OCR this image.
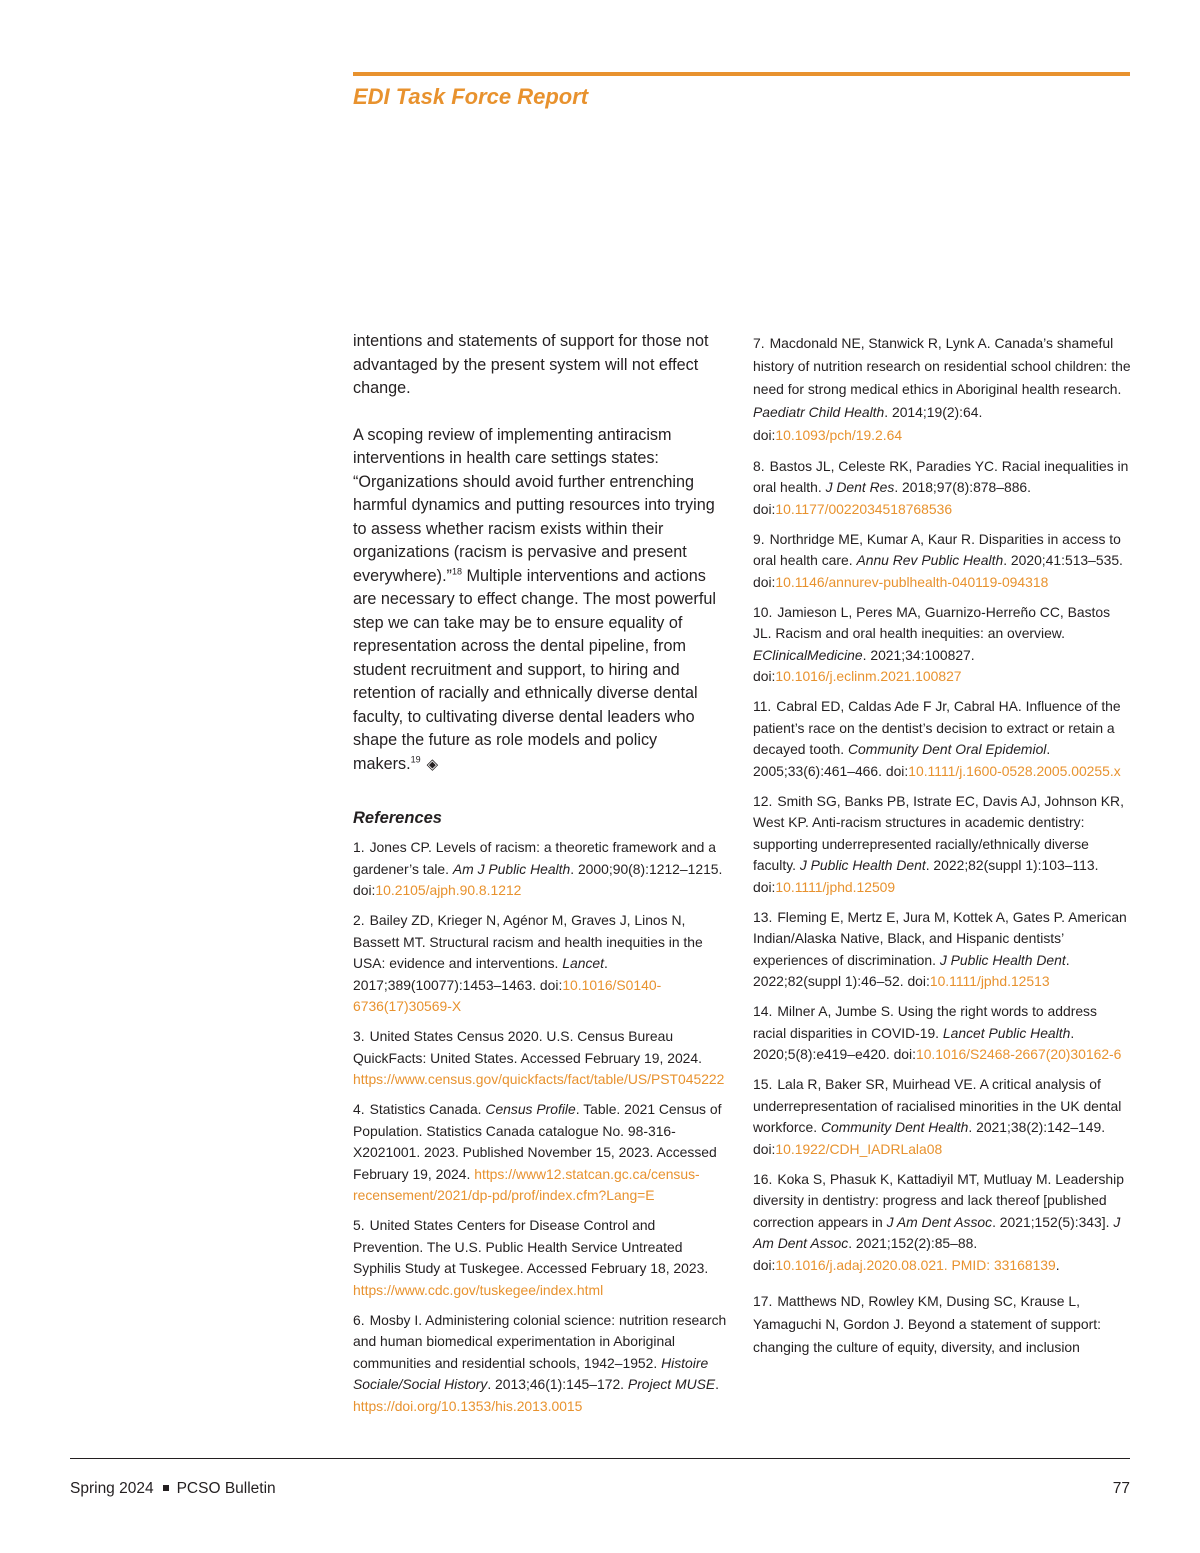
EDI Task Force Report

intentions and statements of support for those not advantaged by the present system will not effect change.

A scoping review of implementing antiracism interventions in health care settings states: “Organizations should avoid further entrenching harmful dynamics and putting resources into trying to assess whether racism exists within their organizations (racism is pervasive and present everywhere).”$^{18}$ Multiple interventions and actions are necessary to effect change. The most powerful step we can take may be to ensure equality of representation across the dental pipeline, from student recruitment and support, to hiring and retention of racially and ethnically diverse dental faculty, to cultivating diverse dental leaders who shape the future as role models and policy makers.$^{19}$ ◈

References

1. Jones CP. Levels of racism: a theoretic framework and a gardener’s tale. Am J Public Health. 2000;90(8):1212–1215. doi:10.2105/ajph.90.8.1212

2. Bailey ZD, Krieger N, Agénor M, Graves J, Linos N, Bassett MT. Structural racism and health inequities in the USA: evidence and interventions. Lancet. 2017;389(10077):1453–1463. doi:10.1016/S0140-6736(17)30569-X

3. United States Census 2020. U.S. Census Bureau QuickFacts: United States. Accessed February 19, 2024. https://www.census.gov/quickfacts/fact/table/US/PST045222

4. Statistics Canada. Census Profile. Table. 2021 Census of Population. Statistics Canada catalogue No. 98-316-X2021001. 2023. Published November 15, 2023. Accessed February 19, 2024. https://www12.statcan.gc.ca/census-recensement/2021/dp-pd/prof/index.cfm?Lang=E

5. United States Centers for Disease Control and Prevention. The U.S. Public Health Service Untreated Syphilis Study at Tuskegee. Accessed February 18, 2023. https://www.cdc.gov/tuskegee/index.html

6. Mosby I. Administering colonial science: nutrition research and human biomedical experimentation in Aboriginal communities and residential schools, 1942–1952. Histoire Sociale/Social History. 2013;46(1):145–172. Project MUSE. https://doi.org/10.1353/his.2013.0015

7. Macdonald NE, Stanwick R, Lynk A. Canada’s shameful history of nutrition research on residential school children: the need for strong medical ethics in Aboriginal health research. Paediatr Child Health. 2014;19(2):64. doi:10.1093/pch/19.2.64

8. Bastos JL, Celeste RK, Paradies YC. Racial inequalities in oral health. J Dent Res. 2018;97(8):878–886. doi:10.1177/0022034518768536

9. Northridge ME, Kumar A, Kaur R. Disparities in access to oral health care. Annu Rev Public Health. 2020;41:513–535. doi:10.1146/annurev-publhealth-040119-094318

10. Jamieson L, Peres MA, Guarnizo-Herreño CC, Bastos JL. Racism and oral health inequities: an overview. EClinicalMedicine. 2021;34:100827. doi:10.1016/j.eclinm.2021.100827

11. Cabral ED, Caldas Ade F Jr, Cabral HA. Influence of the patient’s race on the dentist’s decision to extract or retain a decayed tooth. Community Dent Oral Epidemiol. 2005;33(6):461–466. doi:10.1111/j.1600-0528.2005.00255.x

12. Smith SG, Banks PB, Istrate EC, Davis AJ, Johnson KR, West KP. Anti-racism structures in academic dentistry: supporting underrepresented racially/ethnically diverse faculty. J Public Health Dent. 2022;82(suppl 1):103–113. doi:10.1111/jphd.12509

13. Fleming E, Mertz E, Jura M, Kottek A, Gates P. American Indian/Alaska Native, Black, and Hispanic dentists’ experiences of discrimination. J Public Health Dent. 2022;82(suppl 1):46–52. doi:10.1111/jphd.12513

14. Milner A, Jumbe S. Using the right words to address racial disparities in COVID-19. Lancet Public Health. 2020;5(8):e419–e420. doi:10.1016/S2468-2667(20)30162-6

15. Lala R, Baker SR, Muirhead VE. A critical analysis of underrepresentation of racialised minorities in the UK dental workforce. Community Dent Health. 2021;38(2):142–149. doi:10.1922/CDH_IADRLala08

16. Koka S, Phasuk K, Kattadiyil MT, Mutluay M. Leadership diversity in dentistry: progress and lack thereof [published correction appears in J Am Dent Assoc. 2021;152(5):343]. J Am Dent Assoc. 2021;152(2):85–88. doi:10.1016/j.adaj.2020.08.021. PMID: 33168139.

17. Matthews ND, Rowley KM, Dusing SC, Krause L, Yamaguchi N, Gordon J. Beyond a statement of support: changing the culture of equity, diversity, and inclusion

Spring 2024 PCSO Bulletin	77
